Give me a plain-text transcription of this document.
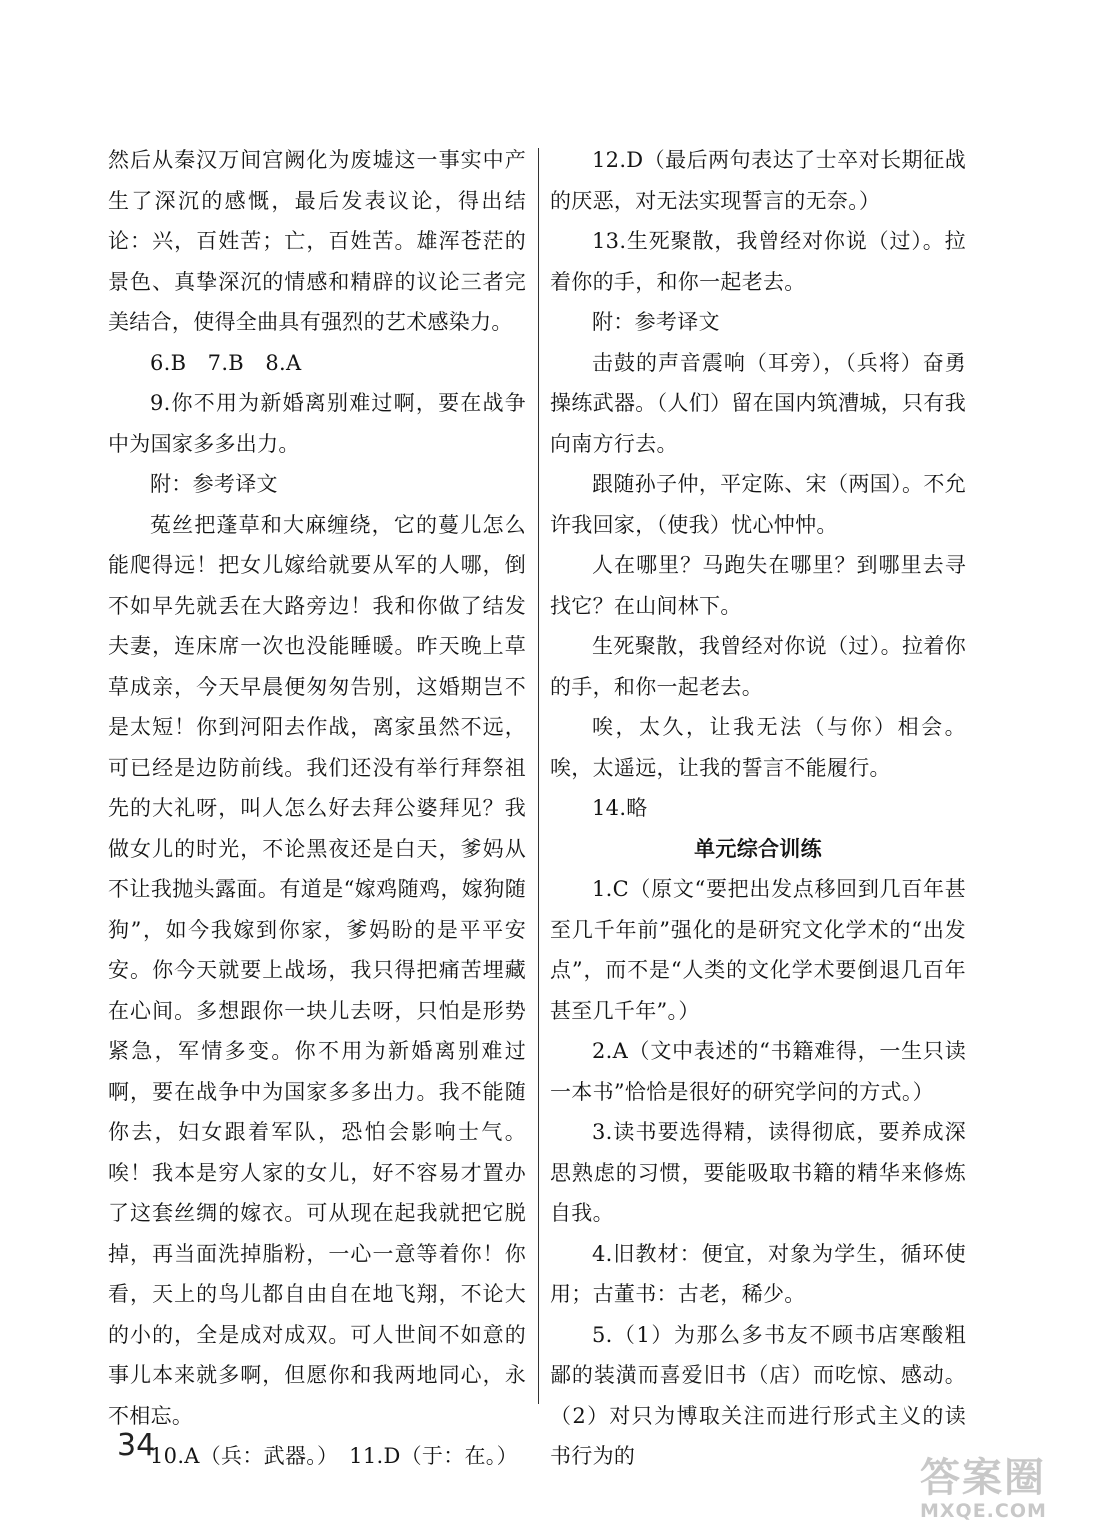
然后从秦汉万间宫阙化为废墟这一事实中产生了深沉的感慨，最后发表议论，得出结论：兴，百姓苦；亡，百姓苦。雄浑苍茫的景色、真挚深沉的情感和精辟的议论三者完美结合，使得全曲具有强烈的艺术感染力。

6.B　7.B　8.A

9.你不用为新婚离别难过啊，要在战争中为国家多多出力。

附：参考译文

菟丝把蓬草和大麻缠绕，它的蔓儿怎么能爬得远！把女儿嫁给就要从军的人哪，倒不如早先就丢在大路旁边！我和你做了结发夫妻，连床席一次也没能睡暖。昨天晚上草草成亲，今天早晨便匆匆告别，这婚期岂不是太短！你到河阳去作战，离家虽然不远，可已经是边防前线。我们还没有举行拜祭祖先的大礼呀，叫人怎么好去拜公婆拜见？我做女儿的时光，不论黑夜还是白天，爹妈从不让我抛头露面。有道是“嫁鸡随鸡，嫁狗随狗”，如今我嫁到你家，爹妈盼的是平平安安。你今天就要上战场，我只得把痛苦埋藏在心间。多想跟你一块儿去呀，只怕是形势紧急，军情多变。你不用为新婚离别难过啊，要在战争中为国家多多出力。我不能随你去，妇女跟着军队，恐怕会影响士气。唉！我本是穷人家的女儿，好不容易才置办了这套丝绸的嫁衣。可从现在起我就把它脱掉，再当面洗掉脂粉，一心一意等着你！你看，天上的鸟儿都自由自在地飞翔，不论大的小的，全是成对成双。可人世间不如意的事儿本来就多啊，但愿你和我两地同心，永不相忘。

10.A（兵：武器。）　11.D（于：在。）

12.D（最后两句表达了士卒对长期征战的厌恶，对无法实现誓言的无奈。）

13.生死聚散，我曾经对你说（过）。拉着你的手，和你一起老去。

附：参考译文

击鼓的声音震响（耳旁），（兵将）奋勇操练武器。（人们）留在国内筑漕城，只有我向南方行去。

跟随孙子仲，平定陈、宋（两国）。不允许我回家，（使我）忧心忡忡。

人在哪里？马跑失在哪里？到哪里去寻找它？在山间林下。

生死聚散，我曾经对你说（过）。拉着你的手，和你一起老去。

唉，太久，让我无法（与你）相会。唉，太遥远，让我的誓言不能履行。

14.略

单元综合训练

1.C（原文“要把出发点移回到几百年甚至几千年前”强化的是研究文化学术的“出发点”，而不是“人类的文化学术要倒退几百年甚至几千年”。）

2.A（文中表述的“书籍难得，一生只读一本书”恰恰是很好的研究学问的方式。）

3.读书要选得精，读得彻底，要养成深思熟虑的习惯，要能吸取书籍的精华来修炼自我。

4.旧教材：便宜，对象为学生，循环使用；古董书：古老，稀少。

5.（1）为那么多书友不顾书店寒酸粗鄙的装潢而喜爱旧书（店）而吃惊、感动。（2）对只为博取关注而进行形式主义的读书行为的

34
答案圈
MXQE.COM
